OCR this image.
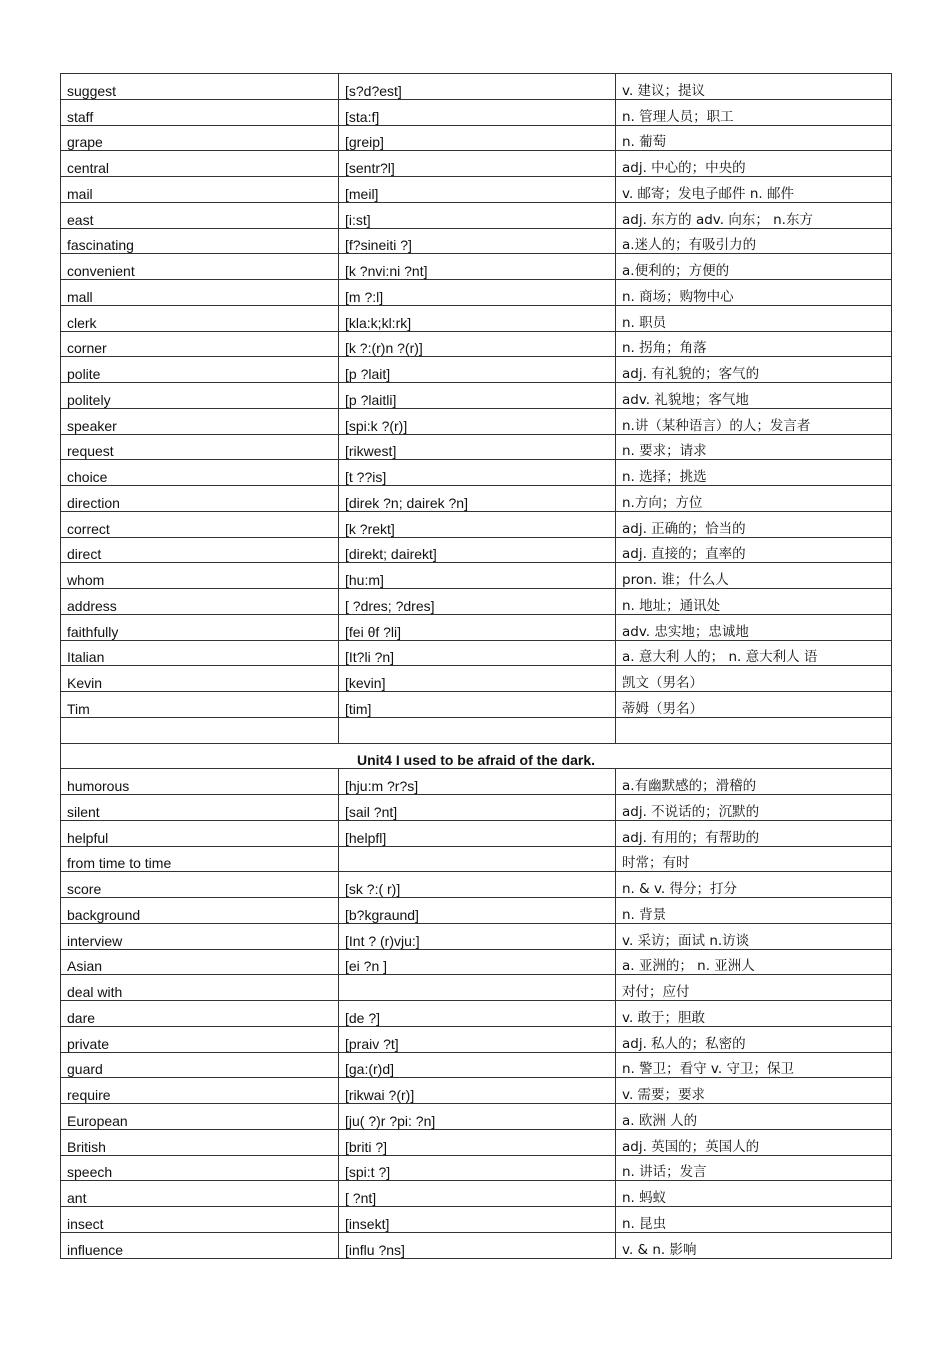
suggest	[s?d?est]	v. 建议；提议
staff	[sta:f]	n. 管理人员；职工
grape	[greip]	n. 葡萄
central	[sentr?l]	adj. 中心的；中央的
mail	[meil]	v. 邮寄；发电子邮件 n. 邮件
east	[i:st]	adj. 东方的 adv. 向东； n.东方
fascinating	[f?sineiti ?]	a.迷人的；有吸引力的
convenient	[k ?nvi:ni ?nt]	a.便利的；方便的
mall	[m ?:l]	n. 商场；购物中心
clerk	[kla:k;kl:rk]	n. 职员
corner	[k ?:(r)n ?(r)]	n. 拐角；角落
polite	[p ?lait]	adj. 有礼貌的；客气的
politely	[p ?laitli]	adv. 礼貌地；客气地
speaker	[spi:k ?(r)]	n.讲（某种语言）的人；发言者
request	[rikwest]	n. 要求；请求
choice	[t ??is]	n. 选择；挑选
direction	[direk ?n; dairek ?n]	n.方向；方位
correct	[k ?rekt]	adj. 正确的；恰当的
direct	[direkt; dairekt]	adj. 直接的；直率的
whom	[hu:m]	pron. 谁；什么人
address	[ ?dres; ?dres]	n. 地址；通讯处
faithfully	[fei θf ?li]	adv. 忠实地；忠诚地
Italian	[It?li ?n]	a. 意大利 人的； n. 意大利人 语
Kevin	[kevin]	凯文（男名）
Tim	[tim]	蒂姆（男名）

Unit4 I used to be afraid of the dark.		
humorous	[hju:m ?r?s]	a.有幽默感的；滑稽的
silent	[sail ?nt]	adj. 不说话的；沉默的
helpful	[helpfl]	adj. 有用的；有帮助的
from time to time		时常；有时
score	[sk ?:( r)]	n. & v. 得分；打分
background	[b?kgraund]	n. 背景
interview	[Int ? (r)vju:]	v. 采访；面试 n.访谈
Asian	[ei ?n ]	a. 亚洲的； n. 亚洲人
deal with		对付；应付
dare	[de ?]	v. 敢于；胆敢
private	[praiv ?t]	adj. 私人的；私密的
guard	[ga:(r)d]	n. 警卫；看守 v. 守卫；保卫
require	[rikwai ?(r)]	v. 需要；要求
European	[ju( ?)r ?pi: ?n]	a. 欧洲 人的
British	[briti ?]	adj. 英国的；英国人的
speech	[spi:t ?]	n. 讲话；发言
ant	[ ?nt]	n. 蚂蚁
insect	[insekt]	n. 昆虫
influence	[influ ?ns]	v. & n. 影响
